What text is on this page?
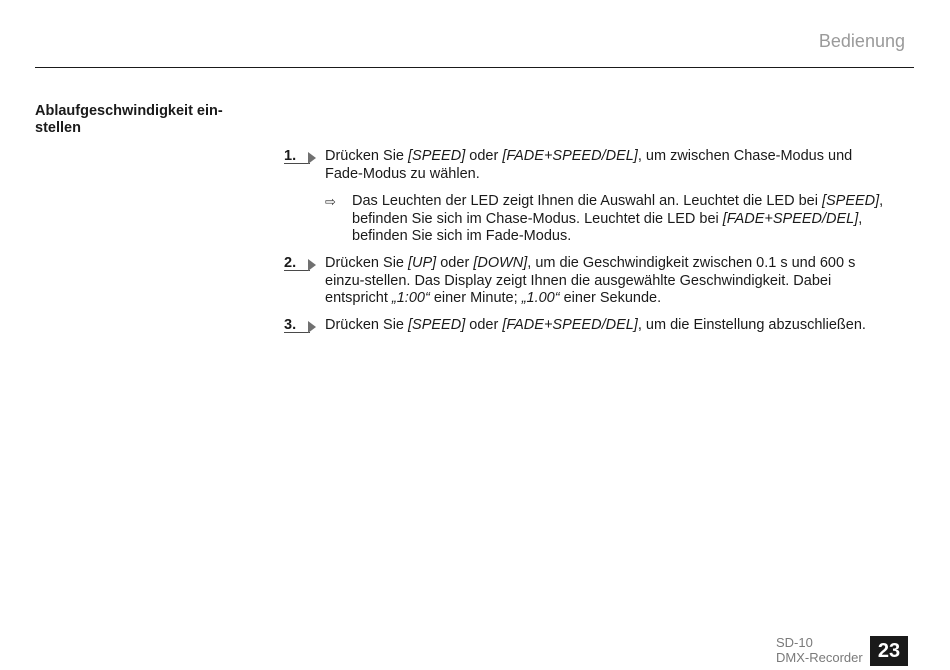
Bedienung
Ablaufgeschwindigkeit ein-
stellen
1.	Drücken Sie [SPEED] oder [FADE+SPEED/DEL], um zwischen Chase-Modus und Fade-Modus zu wählen.
⇨ Das Leuchten der LED zeigt Ihnen die Auswahl an. Leuchtet die LED bei [SPEED], befinden Sie sich im Chase-Modus. Leuchtet die LED bei [FADE+SPEED/DEL], befinden Sie sich im Fade-Modus.
2.	Drücken Sie [UP] oder [DOWN], um die Geschwindigkeit zwischen 0.1 s und 600 s einzu-stellen. Das Display zeigt Ihnen die ausgewählte Geschwindigkeit. Dabei entspricht „1:00“ einer Minute; „1.00“ einer Sekunde.
3.	Drücken Sie [SPEED] oder [FADE+SPEED/DEL], um die Einstellung abzuschließen.
SD-10
DMX-Recorder 23
